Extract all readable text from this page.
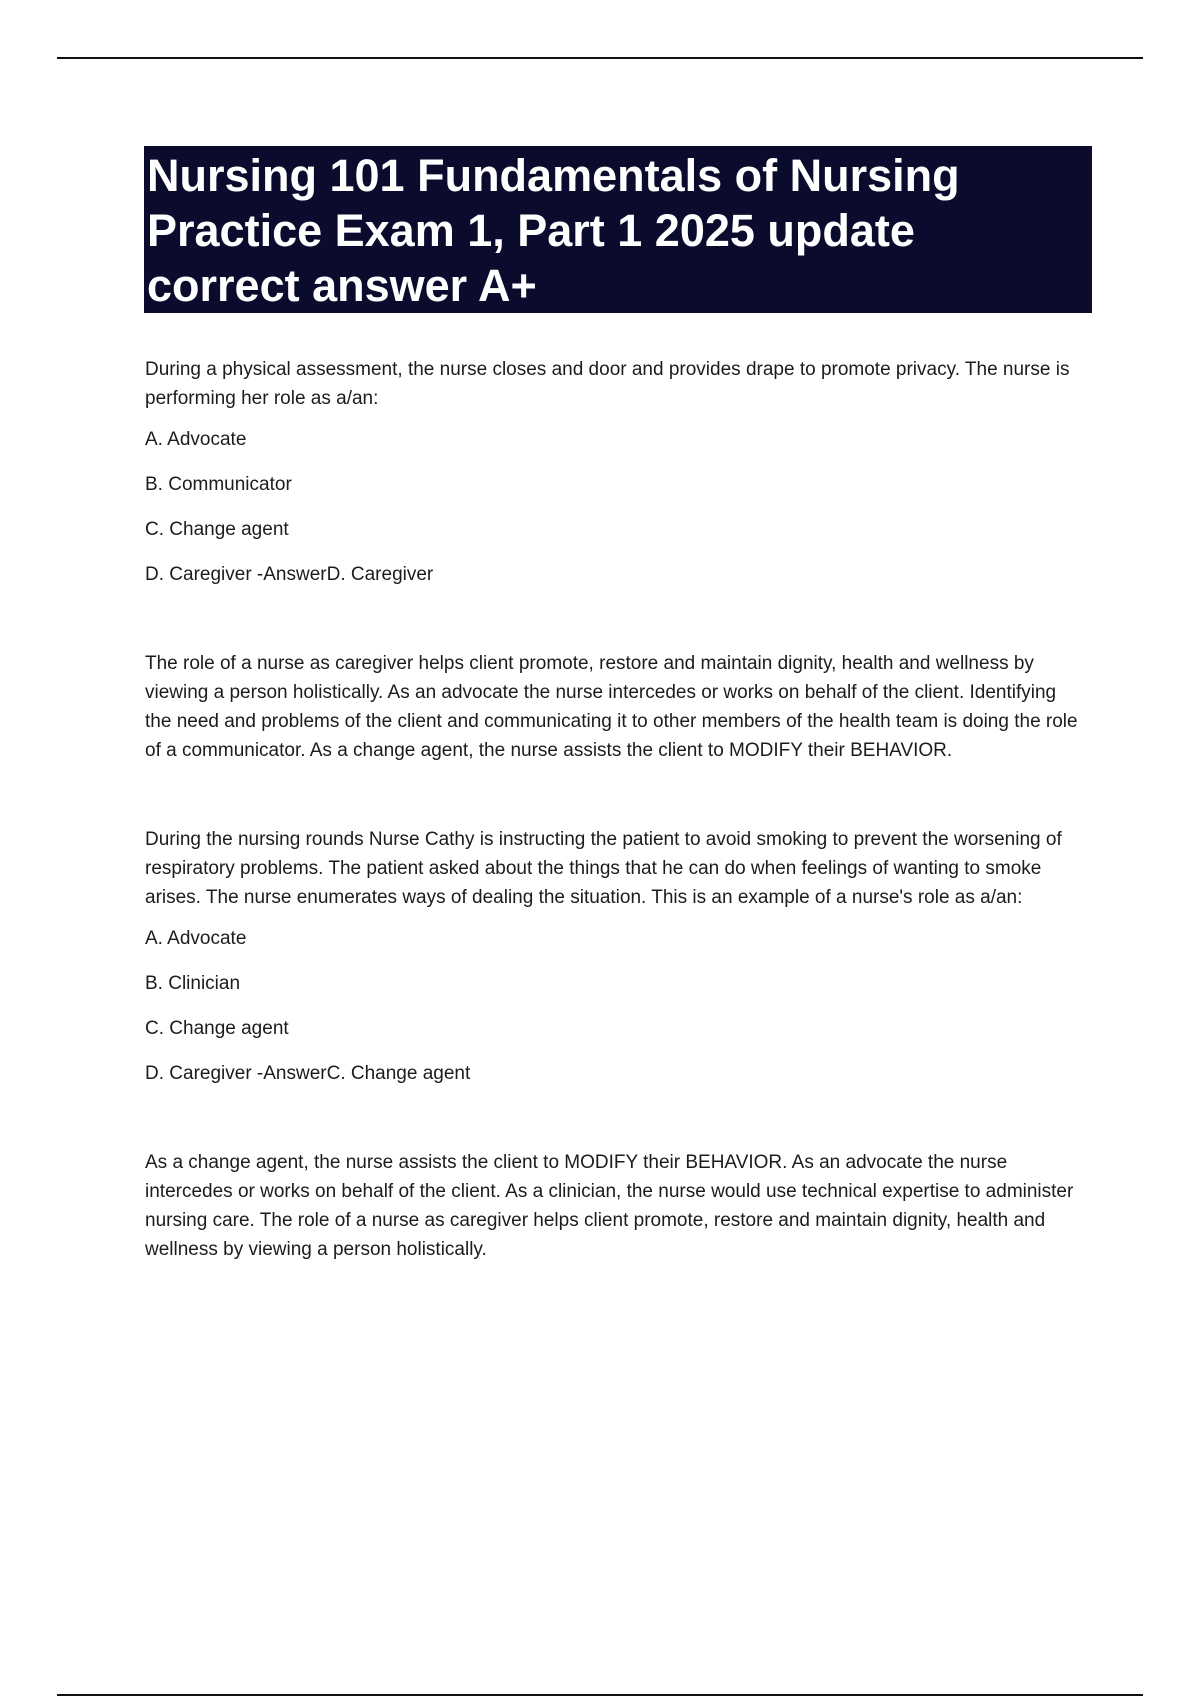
Nursing 101 Fundamentals of Nursing
Practice Exam 1, Part 1 2025 update
correct answer A+

During a physical assessment, the nurse closes and door and provides drape to promote privacy. The nurse is performing her role as a/an:

A. Advocate

B. Communicator

C. Change agent

D. Caregiver -AnswerD. Caregiver

The role of a nurse as caregiver helps client promote, restore and maintain dignity, health and wellness by viewing a person holistically. As an advocate the nurse intercedes or works on behalf of the client. Identifying the need and problems of the client and communicating it to other members of the health team is doing the role of a communicator. As a change agent, the nurse assists the client to MODIFY their BEHAVIOR.

During the nursing rounds Nurse Cathy is instructing the patient to avoid smoking to prevent the worsening of respiratory problems. The patient asked about the things that he can do when feelings of wanting to smoke arises. The nurse enumerates ways of dealing the situation. This is an example of a nurse's role as a/an:

A. Advocate

B. Clinician

C. Change agent

D. Caregiver -AnswerC. Change agent

As a change agent, the nurse assists the client to MODIFY their BEHAVIOR. As an advocate the nurse intercedes or works on behalf of the client. As a clinician, the nurse would use technical expertise to administer nursing care. The role of a nurse as caregiver helps client promote, restore and maintain dignity, health and wellness by viewing a person holistically.
